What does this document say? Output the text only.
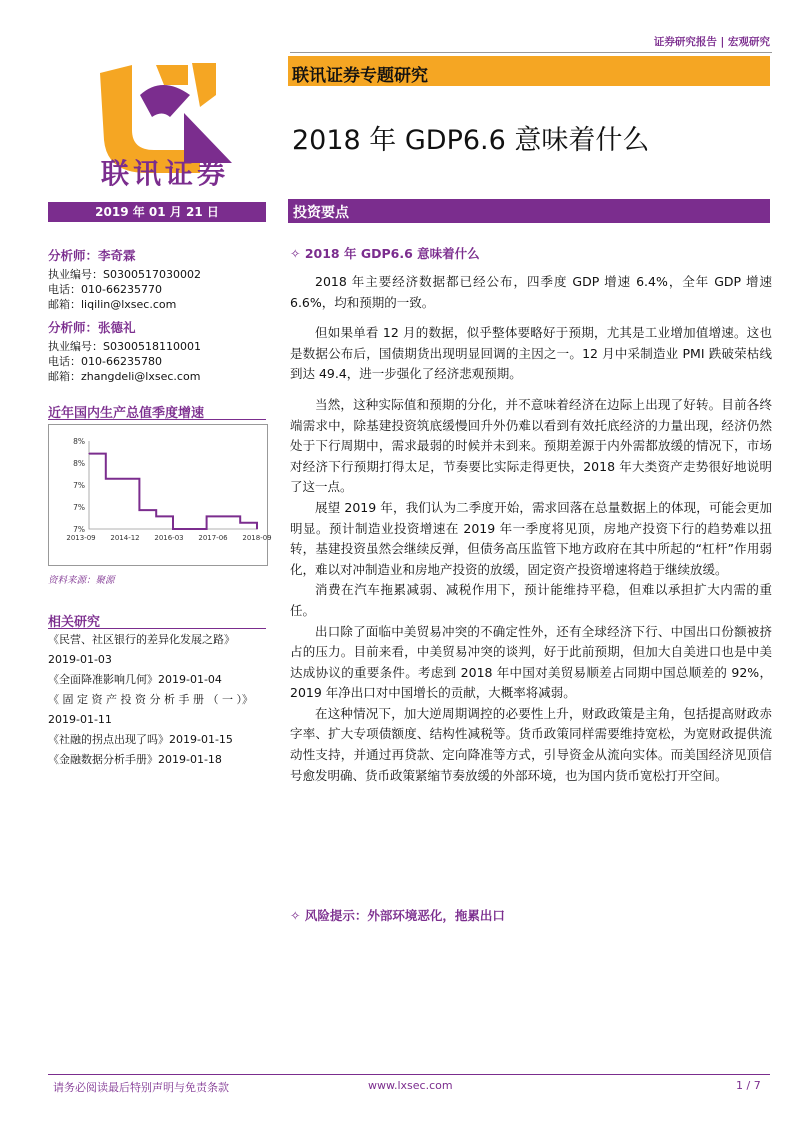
证券研究报告 | 宏观研究
联讯证券
联讯证券专题研究
2018 年 GDP6.6 意味着什么
2019 年 01 月 21 日	投资要点
分析师：李奇霖
执业编号：S0300517030002
电话：010-66235770
邮箱：liqilin@lxsec.com
分析师：张德礼
执业编号：S0300518110001
电话：010-66235780
邮箱：zhangdeli@lxsec.com
近年国内生产总值季度增速
8%
8%
7%
7%
7%
2013-09 2014-12 2016-03 2017-06 2018-09
资料来源：聚源
相关研究
《民营、社区银行的差异化发展之路》
2019-01-03
《全面降准影响几何》2019-01-04
《 固 定 资 产 投 资 分 析 手 册 （ 一 ）》
2019-01-11
《社融的拐点出现了吗》2019-01-15
《金融数据分析手册》2019-01-18
✧ 2018 年 GDP6.6 意味着什么

2018 年主要经济数据都已经公布，四季度 GDP 增速 6.4%，全年 GDP 增速 6.6%，均和预期的一致。

但如果单看 12 月的数据，似乎整体要略好于预期，尤其是工业增加值增速。这也是数据公布后，国债期货出现明显回调的主因之一。12 月中采制造业 PMI 跌破荣枯线到达 49.4，进一步强化了经济悲观预期。

当然，这种实际值和预期的分化，并不意味着经济在边际上出现了好转。目前各终端需求中，除基建投资筑底缓慢回升外仍难以看到有效托底经济的力量出现，经济仍然处于下行周期中，需求最弱的时候并未到来。预期差源于内外需都放缓的情况下，市场对经济下行预期打得太足，节奏要比实际走得更快，2018 年大类资产走势很好地说明了这一点。

展望 2019 年，我们认为二季度开始，需求回落在总量数据上的体现，可能会更加明显。预计制造业投资增速在 2019 年一季度将见顶，房地产投资下行的趋势难以扭转，基建投资虽然会继续反弹，但债务高压监管下地方政府在其中所起的“杠杆”作用弱化，难以对冲制造业和房地产投资的放缓，固定资产投资增速将趋于继续放缓。

消费在汽车拖累减弱、减税作用下，预计能维持平稳，但难以承担扩大内需的重任。

出口除了面临中美贸易冲突的不确定性外，还有全球经济下行、中国出口份额被挤占的压力。目前来看，中美贸易冲突的谈判，好于此前预期，但加大自美进口也是中美达成协议的重要条件。考虑到 2018 年中国对美贸易顺差占同期中国总顺差的 92%，2019 年净出口对中国增长的贡献，大概率将减弱。

在这种情况下，加大逆周期调控的必要性上升，财政政策是主角，包括提高财政赤字率、扩大专项债额度、结构性减税等。货币政策同样需要维持宽松，为宽财政提供流动性支持，并通过再贷款、定向降准等方式，引导资金从流向实体。而美国经济见顶信号愈发明确、货币政策紧缩节奏放缓的外部环境，也为国内货币宽松打开空间。

✧ 风险提示：外部环境恶化，拖累出口
请务必阅读最后特别声明与免责条款	www.lxsec.com	1 / 7
